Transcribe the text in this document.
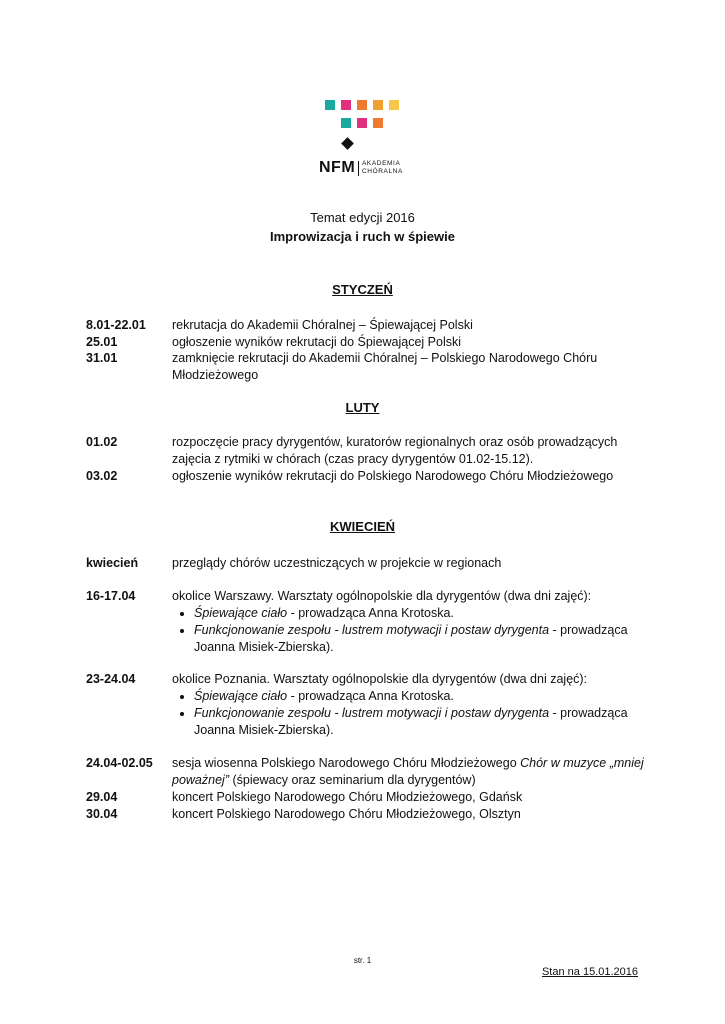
NFM AKADEMIA
CHÓRALNA
Temat edycji 2016
Improwizacja i ruch w śpiewie
STYCZEŃ
8.01-22.01 rekrutacja do Akademii Chóralnej – Śpiewającej Polski
25.01	ogłoszenie wyników rekrutacji do Śpiewającej Polski
31.01	zamknięcie rekrutacji do Akademii Chóralnej – Polskiego Narodowego Chóru Młodzieżowego
LUTY
01.02	rozpoczęcie pracy dyrygentów, kuratorów regionalnych oraz osób prowadzących zajęcia z rytmiki w chórach (czas pracy dyrygentów 01.02-15.12).
03.02	ogłoszenie wyników rekrutacji do Polskiego Narodowego Chóru Młodzieżowego
KWIECIEŃ
kwiecień	przeglądy chórów uczestniczących w projekcie w regionach
16-17.04	okolice Warszawy. Warsztaty ogólnopolskie dla dyrygentów (dwa dni zajęć):
• Śpiewające ciało - prowadząca Anna Krotoska.
• Funkcjonowanie zespołu - lustrem motywacji i postaw dyrygenta - prowadząca Joanna Misiek-Zbierska).
23-24.04	okolice Poznania. Warsztaty ogólnopolskie dla dyrygentów (dwa dni zajęć):
• Śpiewające ciało - prowadząca Anna Krotoska.
• Funkcjonowanie zespołu - lustrem motywacji i postaw dyrygenta - prowadząca Joanna Misiek-Zbierska).
24.04-02.05 sesja wiosenna Polskiego Narodowego Chóru Młodzieżowego Chór w muzyce „mniej poważnej” (śpiewacy oraz seminarium dla dyrygentów)
29.04	koncert Polskiego Narodowego Chóru Młodzieżowego, Gdańsk
30.04	koncert Polskiego Narodowego Chóru Młodzieżowego, Olsztyn
str. 1
Stan na 15.01.2016
